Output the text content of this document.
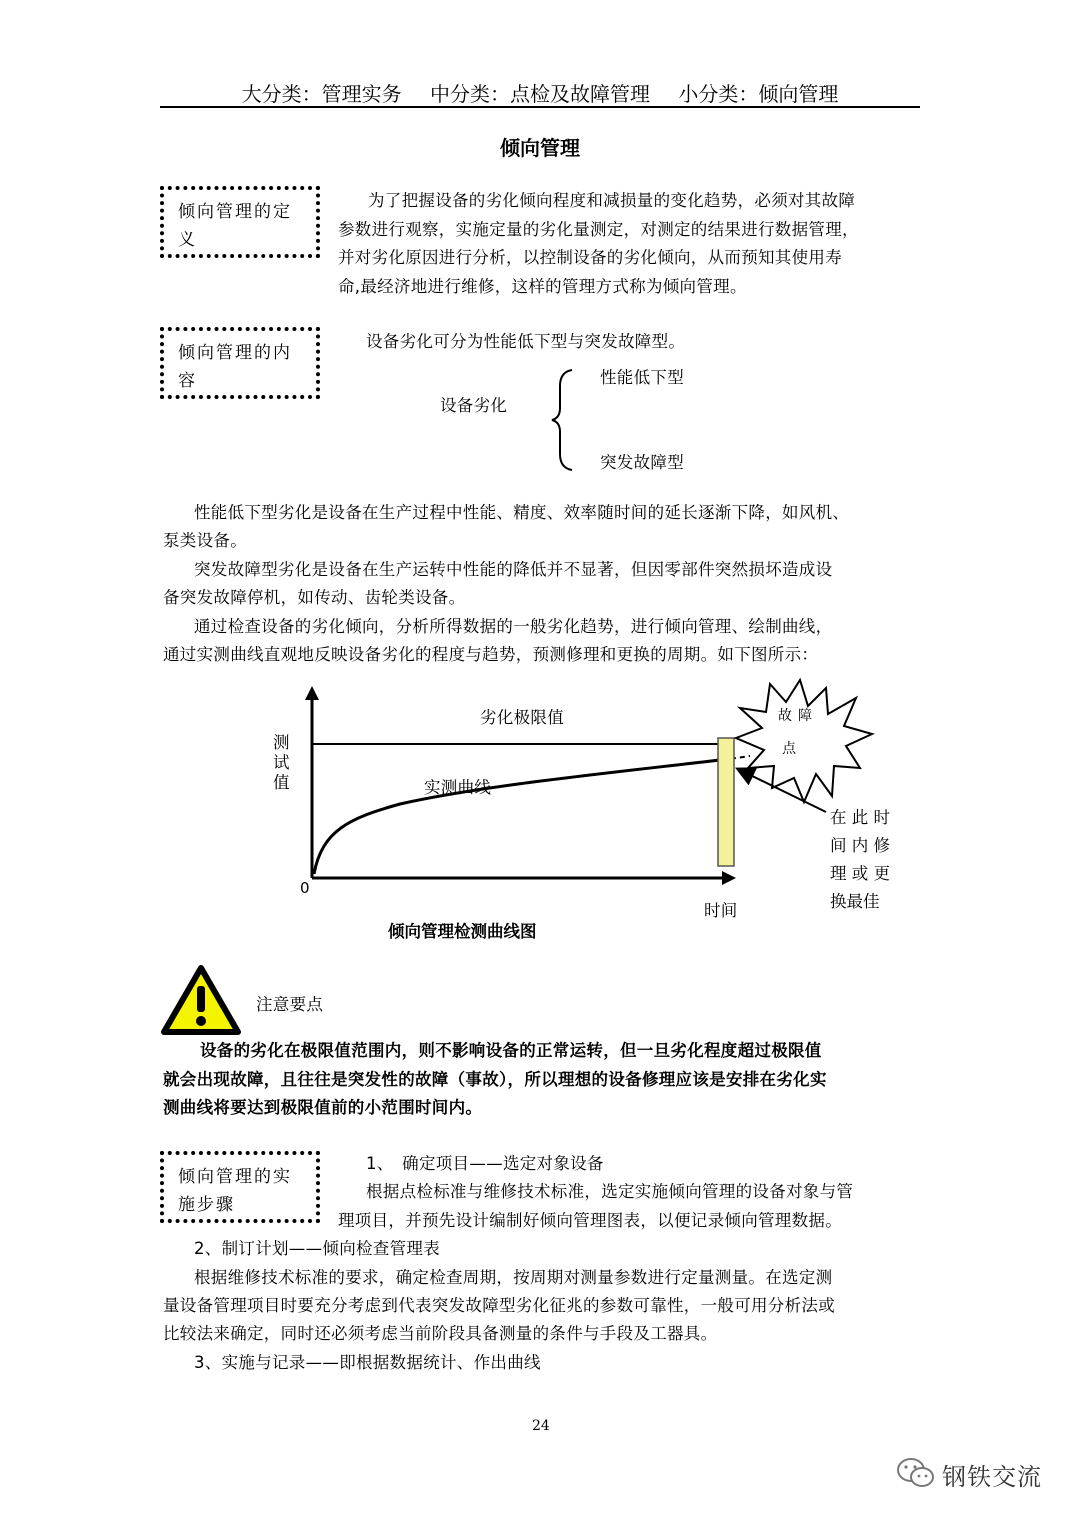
大分类：管理实务 中分类：点检及故障管理 小分类：倾向管理
倾向管理
倾向管理的定
义
为了把握设备的劣化倾向程度和减损量的变化趋势，必须对其故障
参数进行观察，实施定量的劣化量测定，对测定的结果进行数据管理，
并对劣化原因进行分析，以控制设备的劣化倾向，从而预知其使用寿
命,最经济地进行维修，这样的管理方式称为倾向管理。
倾向管理的内
容
设备劣化可分为性能低下型与突发故障型。
设备劣化
性能低下型
突发故障型
性能低下型劣化是设备在生产过程中性能、精度、效率随时间的延长逐渐下降，如风机、
泵类设备。
突发故障型劣化是设备在生产运转中性能的降低并不显著，但因零部件突然损坏造成设
备突发故障停机，如传动、齿轮类设备。
通过检查设备的劣化倾向，分析所得数据的一般劣化趋势，进行倾向管理、绘制曲线，
通过实测曲线直观地反映设备劣化的程度与趋势，预测修理和更换的周期。如下图所示：
劣化极限值
实测曲线
测
试
值
0
时间
故障
点
在 此 时
间 内 修
理 或 更
换最佳
倾向管理检测曲线图
注意要点
设备的劣化在极限值范围内，则不影响设备的正常运转，但一旦劣化程度超过极限值
就会出现故障，且往往是突发性的故障（事故），所以理想的设备修理应该是安排在劣化实
测曲线将要达到极限值前的小范围时间内。
倾向管理的实
施步骤
1、　确定项目——选定对象设备
根据点检标准与维修技术标准，选定实施倾向管理的设备对象与管
理项目，并预先设计编制好倾向管理图表，以便记录倾向管理数据。
2、制订计划——倾向检查管理表
根据维修技术标准的要求，确定检查周期，按周期对测量参数进行定量测量。在选定测
量设备管理项目时要充分考虑到代表突发故障型劣化征兆的参数可靠性，一般可用分析法或
比较法来确定，同时还必须考虑当前阶段具备测量的条件与手段及工器具。
3、实施与记录——即根据数据统计、作出曲线
24
钢铁交流
